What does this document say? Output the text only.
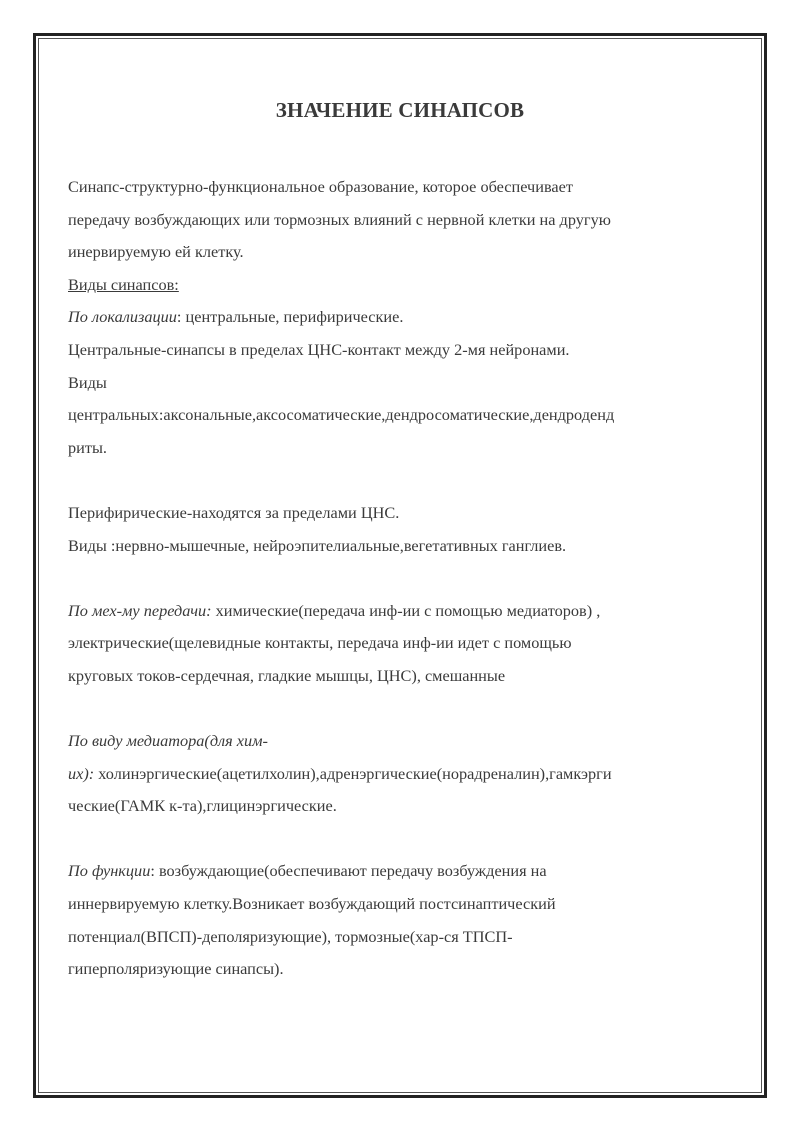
ЗНАЧЕНИЕ СИНАПСОВ
Синапс-структурно-функциональное образование, которое обеспечивает
передачу возбуждающих или тормозных влияний с нервной клетки на другую
инервируемую ей клетку.
Виды синапсов:
По локализации: центральные, перифирические.
Центральные-синапсы в пределах ЦНС-контакт между 2-мя нейронами.
Виды
центральных:аксональные,аксосоматические,дендросоматические,дендроденд
риты.
Перифирические-находятся за пределами ЦНС.
Виды :нервно-мышечные, нейроэпителиальные,вегетативных ганглиев.
По мех-му передачи: химические(передача инф-ии с помощью медиаторов) ,
электрические(щелевидные контакты, передача инф-ии идет с помощью
круговых токов-сердечная, гладкие мышцы, ЦНС), смешанные
По виду медиатора(для хим-
их): холинэргические(ацетилхолин),адренэргические(норадреналин),гамкэрги
ческие(ГАМК к-та),глицинэргические.
По функции: возбуждающие(обеспечивают передачу возбуждения на
иннервируемую клетку.Возникает возбуждающий постсинаптический
потенциал(ВПСП)-деполяризующие), тормозные(хар-ся ТПСП-
гиперполяризующие синапсы).
